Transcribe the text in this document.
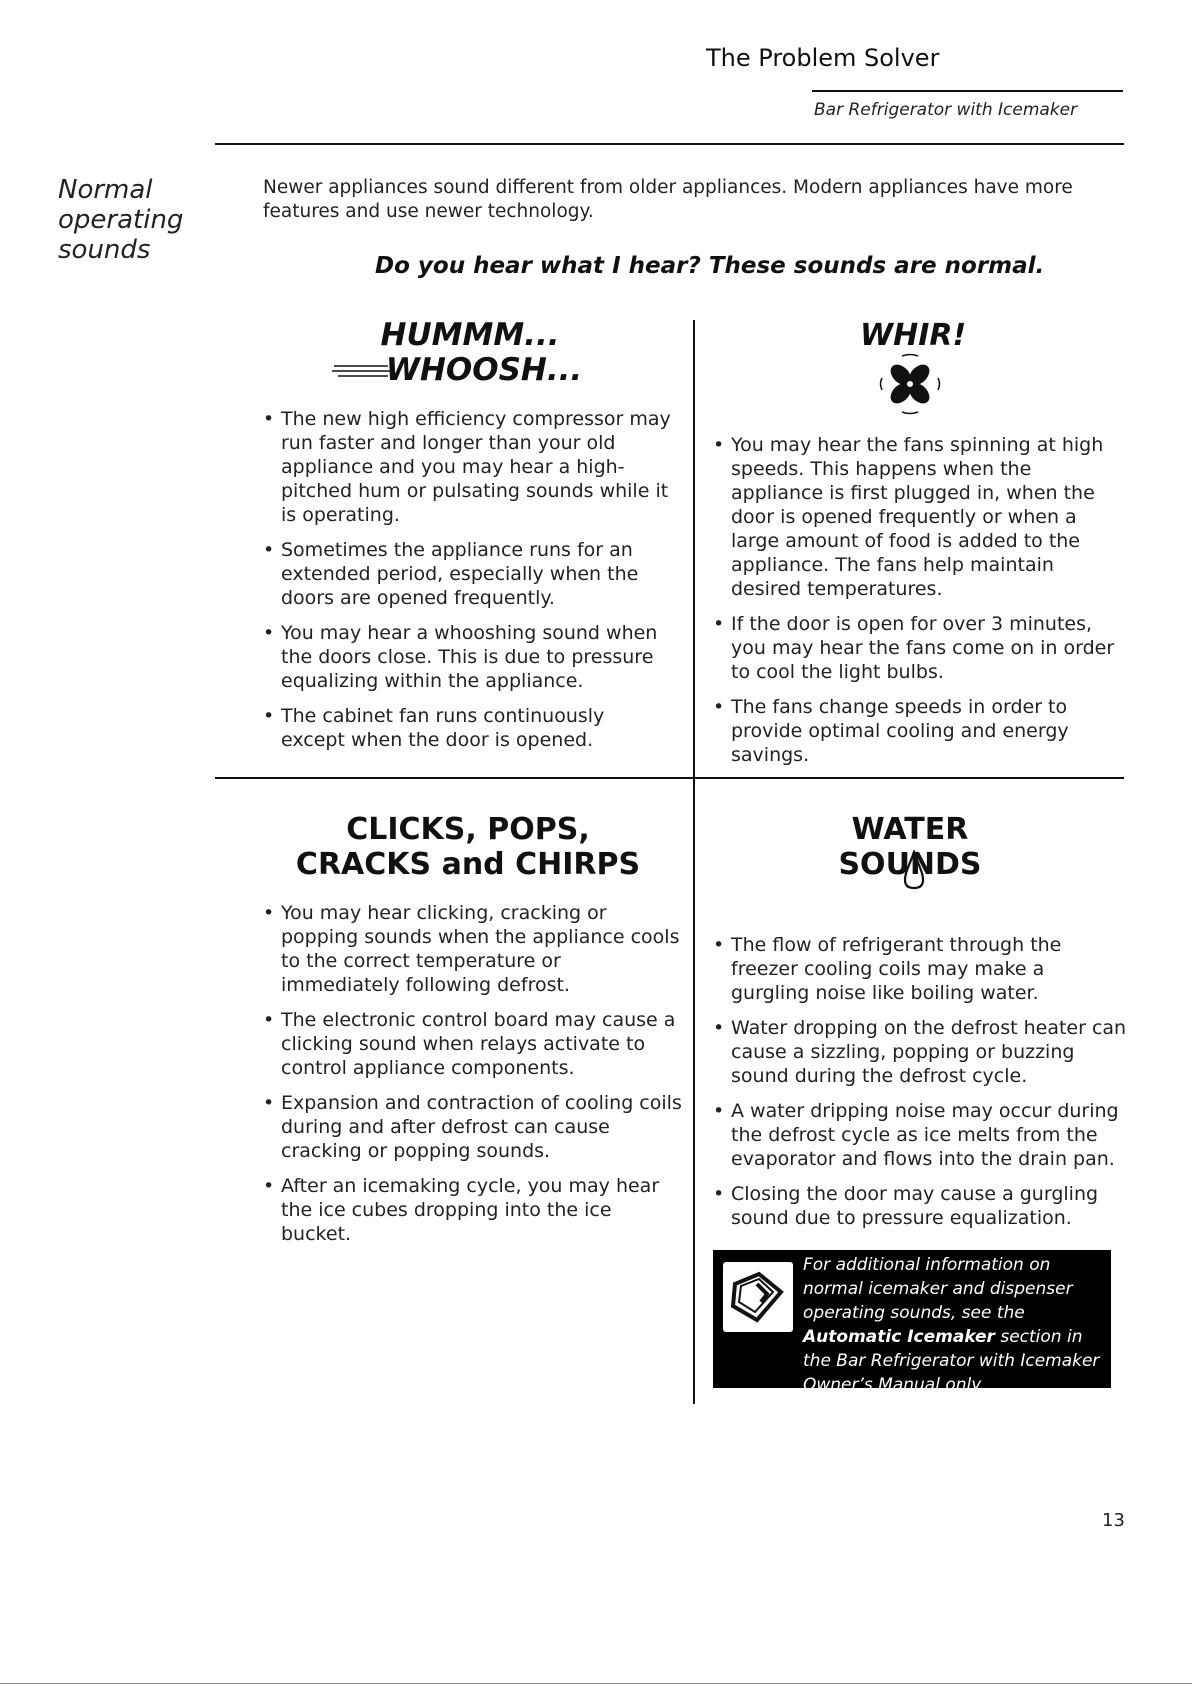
The Problem Solver
Bar Refrigerator with Icemaker
Normal
operating
sounds
Newer appliances sound different from older appliances. Modern appliances have more features and use newer technology.
Do you hear what I hear? These sounds are normal.
HUMMM...
WHOOSH...
• The new high efficiency compressor may run faster and longer than your old appliance and you may hear a high-pitched hum or pulsating sounds while it is operating.
• Sometimes the appliance runs for an extended period, especially when the doors are opened frequently.
• You may hear a whooshing sound when the doors close. This is due to pressure equalizing within the appliance.
• The cabinet fan runs continuously except when the door is opened.
WHIR!
• You may hear the fans spinning at high speeds. This happens when the appliance is first plugged in, when the door is opened frequently or when a large amount of food is added to the appliance. The fans help maintain desired temperatures.
• If the door is open for over 3 minutes, you may hear the fans come on in order to cool the light bulbs.
• The fans change speeds in order to provide optimal cooling and energy savings.
CLICKS, POPS,
CRACKS and CHIRPS
• You may hear clicking, cracking or popping sounds when the appliance cools to the correct temperature or immediately following defrost.
• The electronic control board may cause a clicking sound when relays activate to control appliance components.
• Expansion and contraction of cooling coils during and after defrost can cause cracking or popping sounds.
• After an icemaking cycle, you may hear the ice cubes dropping into the ice bucket.
WATER SOUNDS
• The flow of refrigerant through the freezer cooling coils may make a gurgling noise like boiling water.
• Water dropping on the defrost heater can cause a sizzling, popping or buzzing sound during the defrost cycle.
• A water dripping noise may occur during the defrost cycle as ice melts from the evaporator and flows into the drain pan.
• Closing the door may cause a gurgling sound due to pressure equalization.
For additional information on normal icemaker and dispenser operating sounds, see the Automatic Icemaker section in the Bar Refrigerator with Icemaker Owner’s Manual only.
13
